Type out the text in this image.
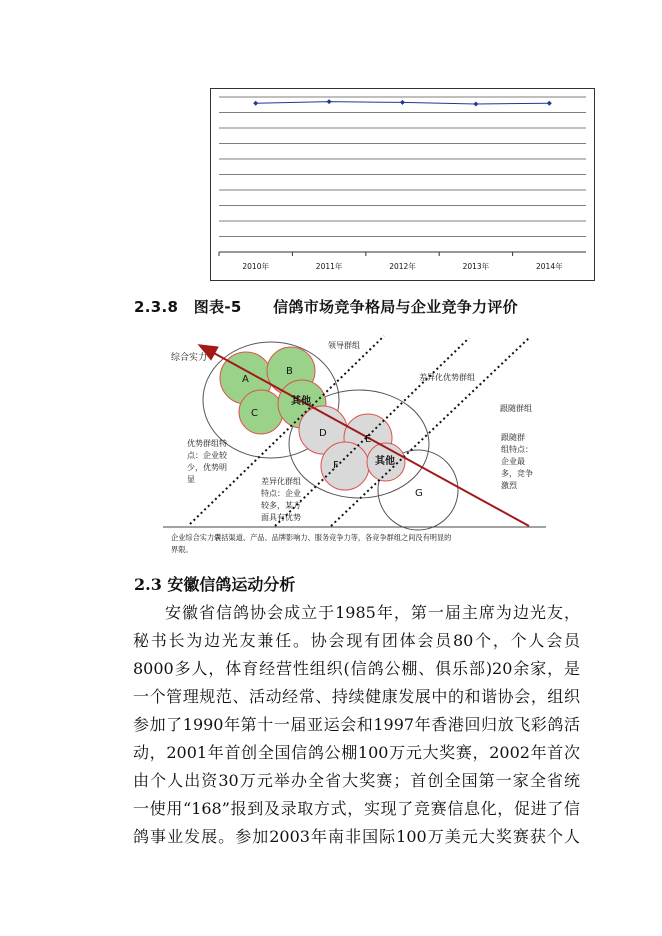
2010年	2011年	2012年	2013年	2014年
2.3.8 图表-5 信鸽市场竞争格局与企业竞争力评价
综合实力
领导群组
差异化优势群组
跟随群组
A
B
C
其他
D
E
F	其他
G
优势群组特
点：企业较
少，优势明
显	差异化群组
特点：企业
较多，某方
面具有优势
跟随群
组特点：
企业最
多，竞争
激烈
企业综合实力囊括渠道、产品、品牌影响力、服务竞争力等，各竞争群组之间没有明显的
界限。
2.3 安徽信鸽运动分析
安徽省信鸽协会成立于1985年，第一届主席为边光友，
秘书长为边光友兼任。协会现有团体会员80个，个人会员
8000多人，体育经营性组织(信鸽公棚、俱乐部)20余家，是
一个管理规范、活动经常、持续健康发展中的和谐协会，组织
参加了1990年第十一届亚运会和1997年香港回归放飞彩鸽活
动，2001年首创全国信鸽公棚100万元大奖赛，2002年首次
由个人出资30万元举办全省大奖赛；首创全国第一家全省统
一使用“168”报到及录取方式，实现了竞赛信息化，促进了信
鸽事业发展。参加2003年南非国际100万美元大奖赛获个人
